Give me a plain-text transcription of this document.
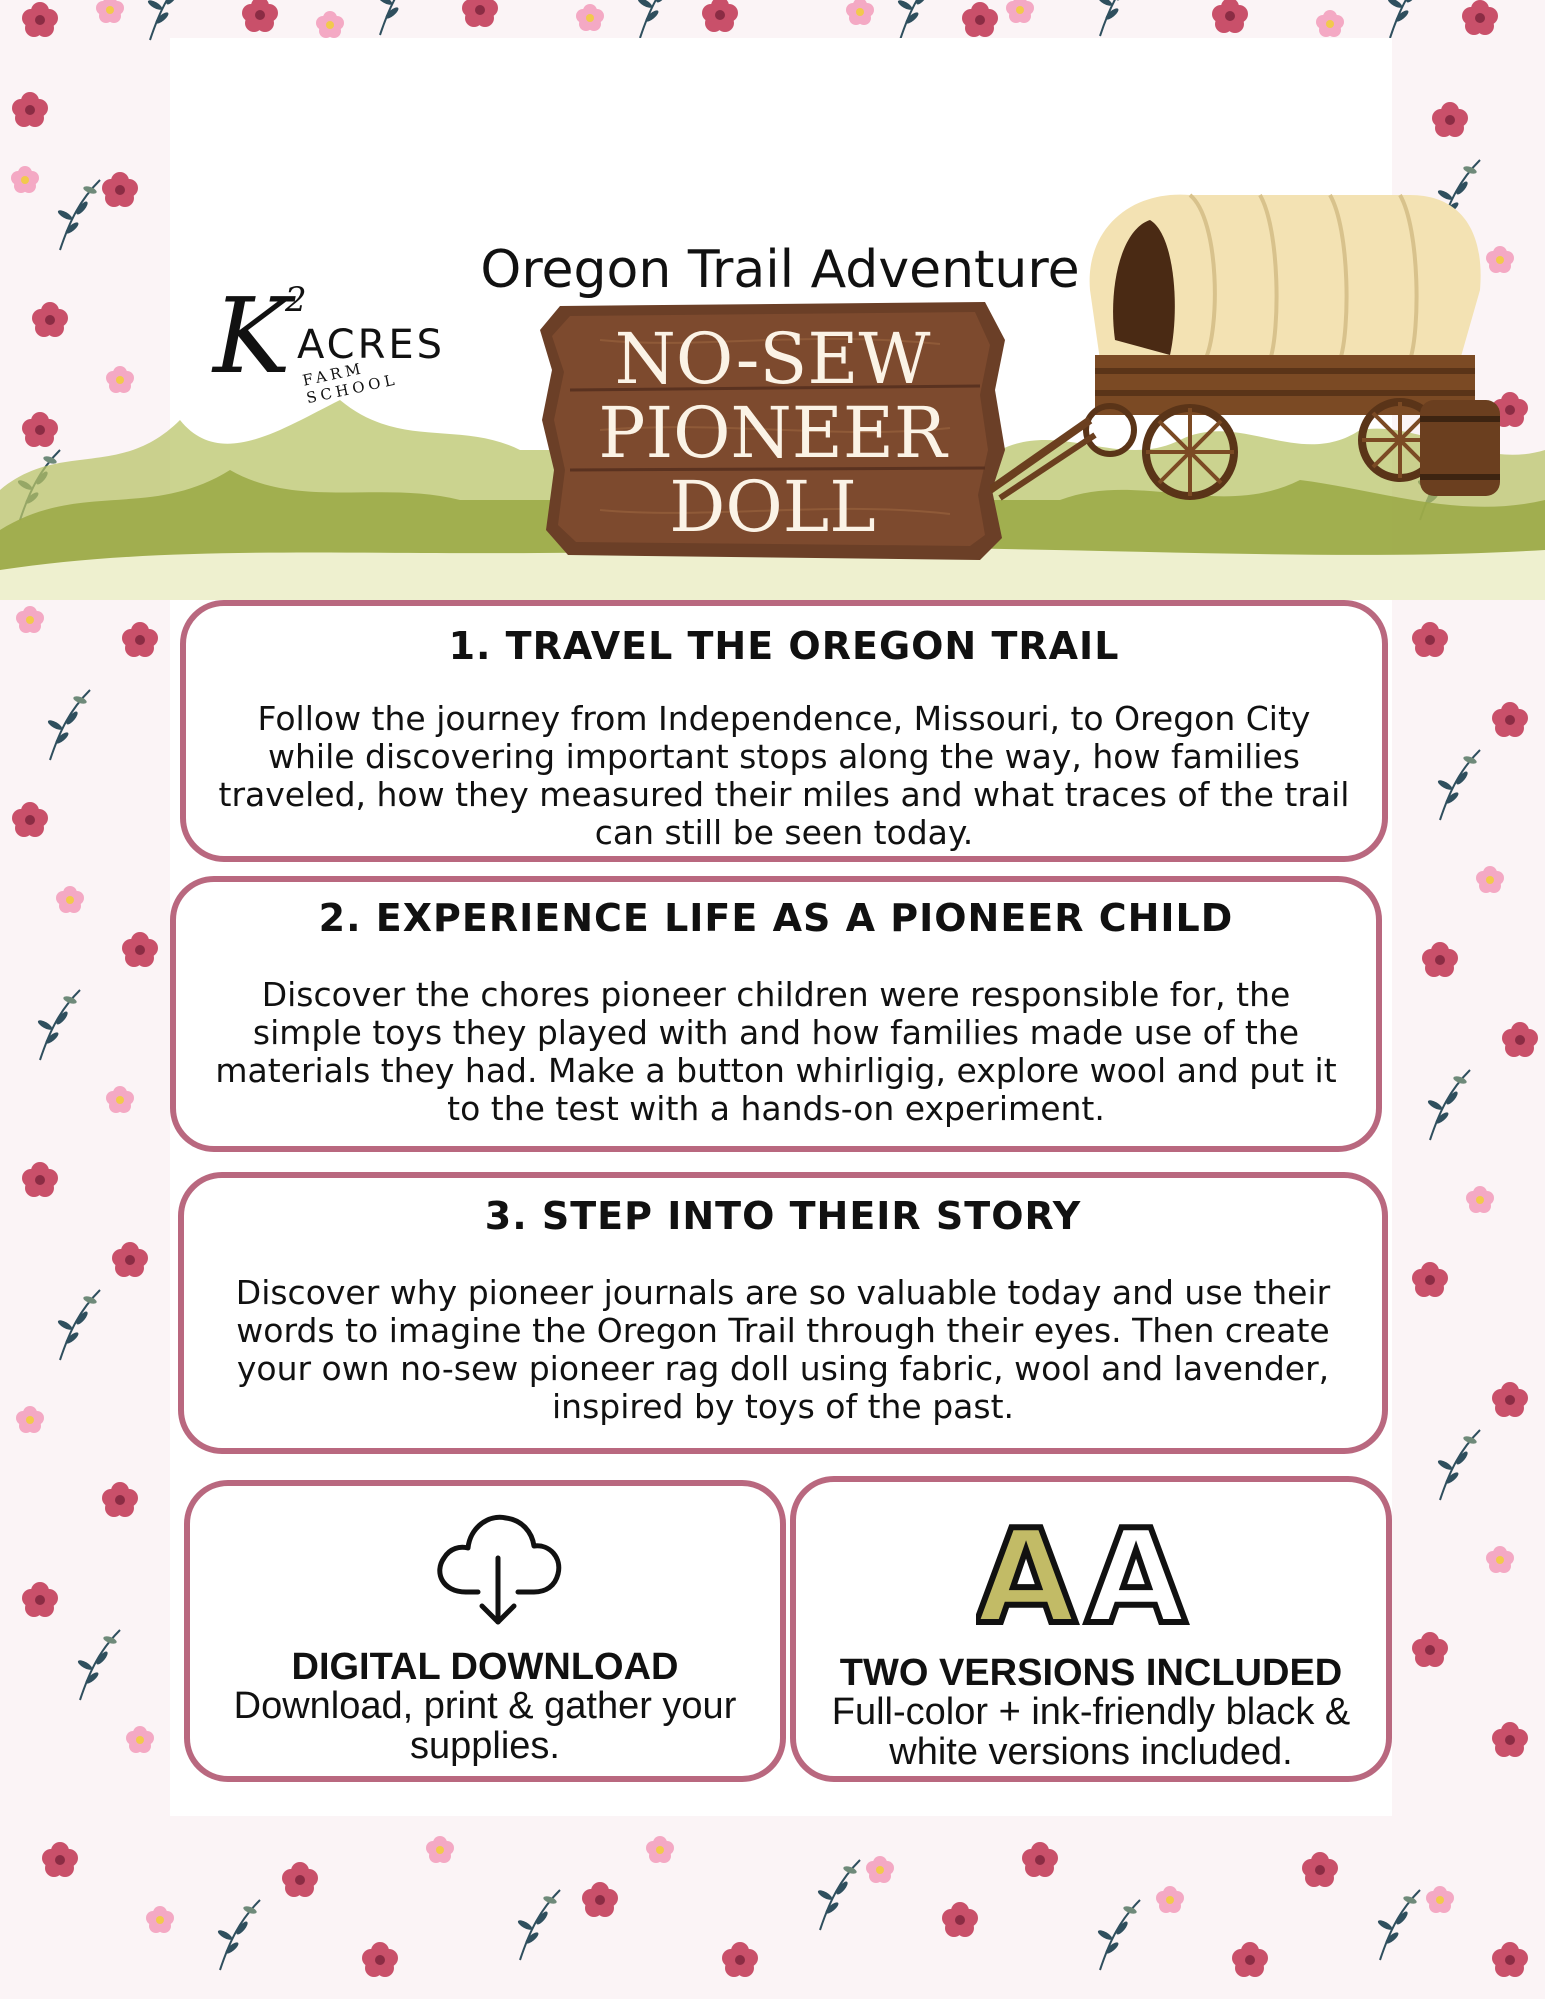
K
2
ACRES
FARM SCHOOL
Oregon Trail Adventure
NO-SEW
PIONEER
DOLL
1. TRAVEL THE OREGON TRAIL

Follow the journey from Independence, Missouri, to Oregon City
while discovering important stops along the way, how families
traveled, how they measured their miles and what traces of the trail
can still be seen today.

2. EXPERIENCE LIFE AS A PIONEER CHILD

Discover the chores pioneer children were responsible for, the
simple toys they played with and how families made use of the
materials they had. Make a button whirligig, explore wool and put it
to the test with a hands-on experiment.

3. STEP INTO THEIR STORY

Discover why pioneer journals are so valuable today and use their
words to imagine the Oregon Trail through their eyes. Then create
your own no-sew pioneer rag doll using fabric, wool and lavender,
inspired by toys of the past.

DIGITAL DOWNLOAD
Download, print & gather your
supplies.
A A
TWO VERSIONS INCLUDED
Full-color + ink-friendly black &
white versions included.
